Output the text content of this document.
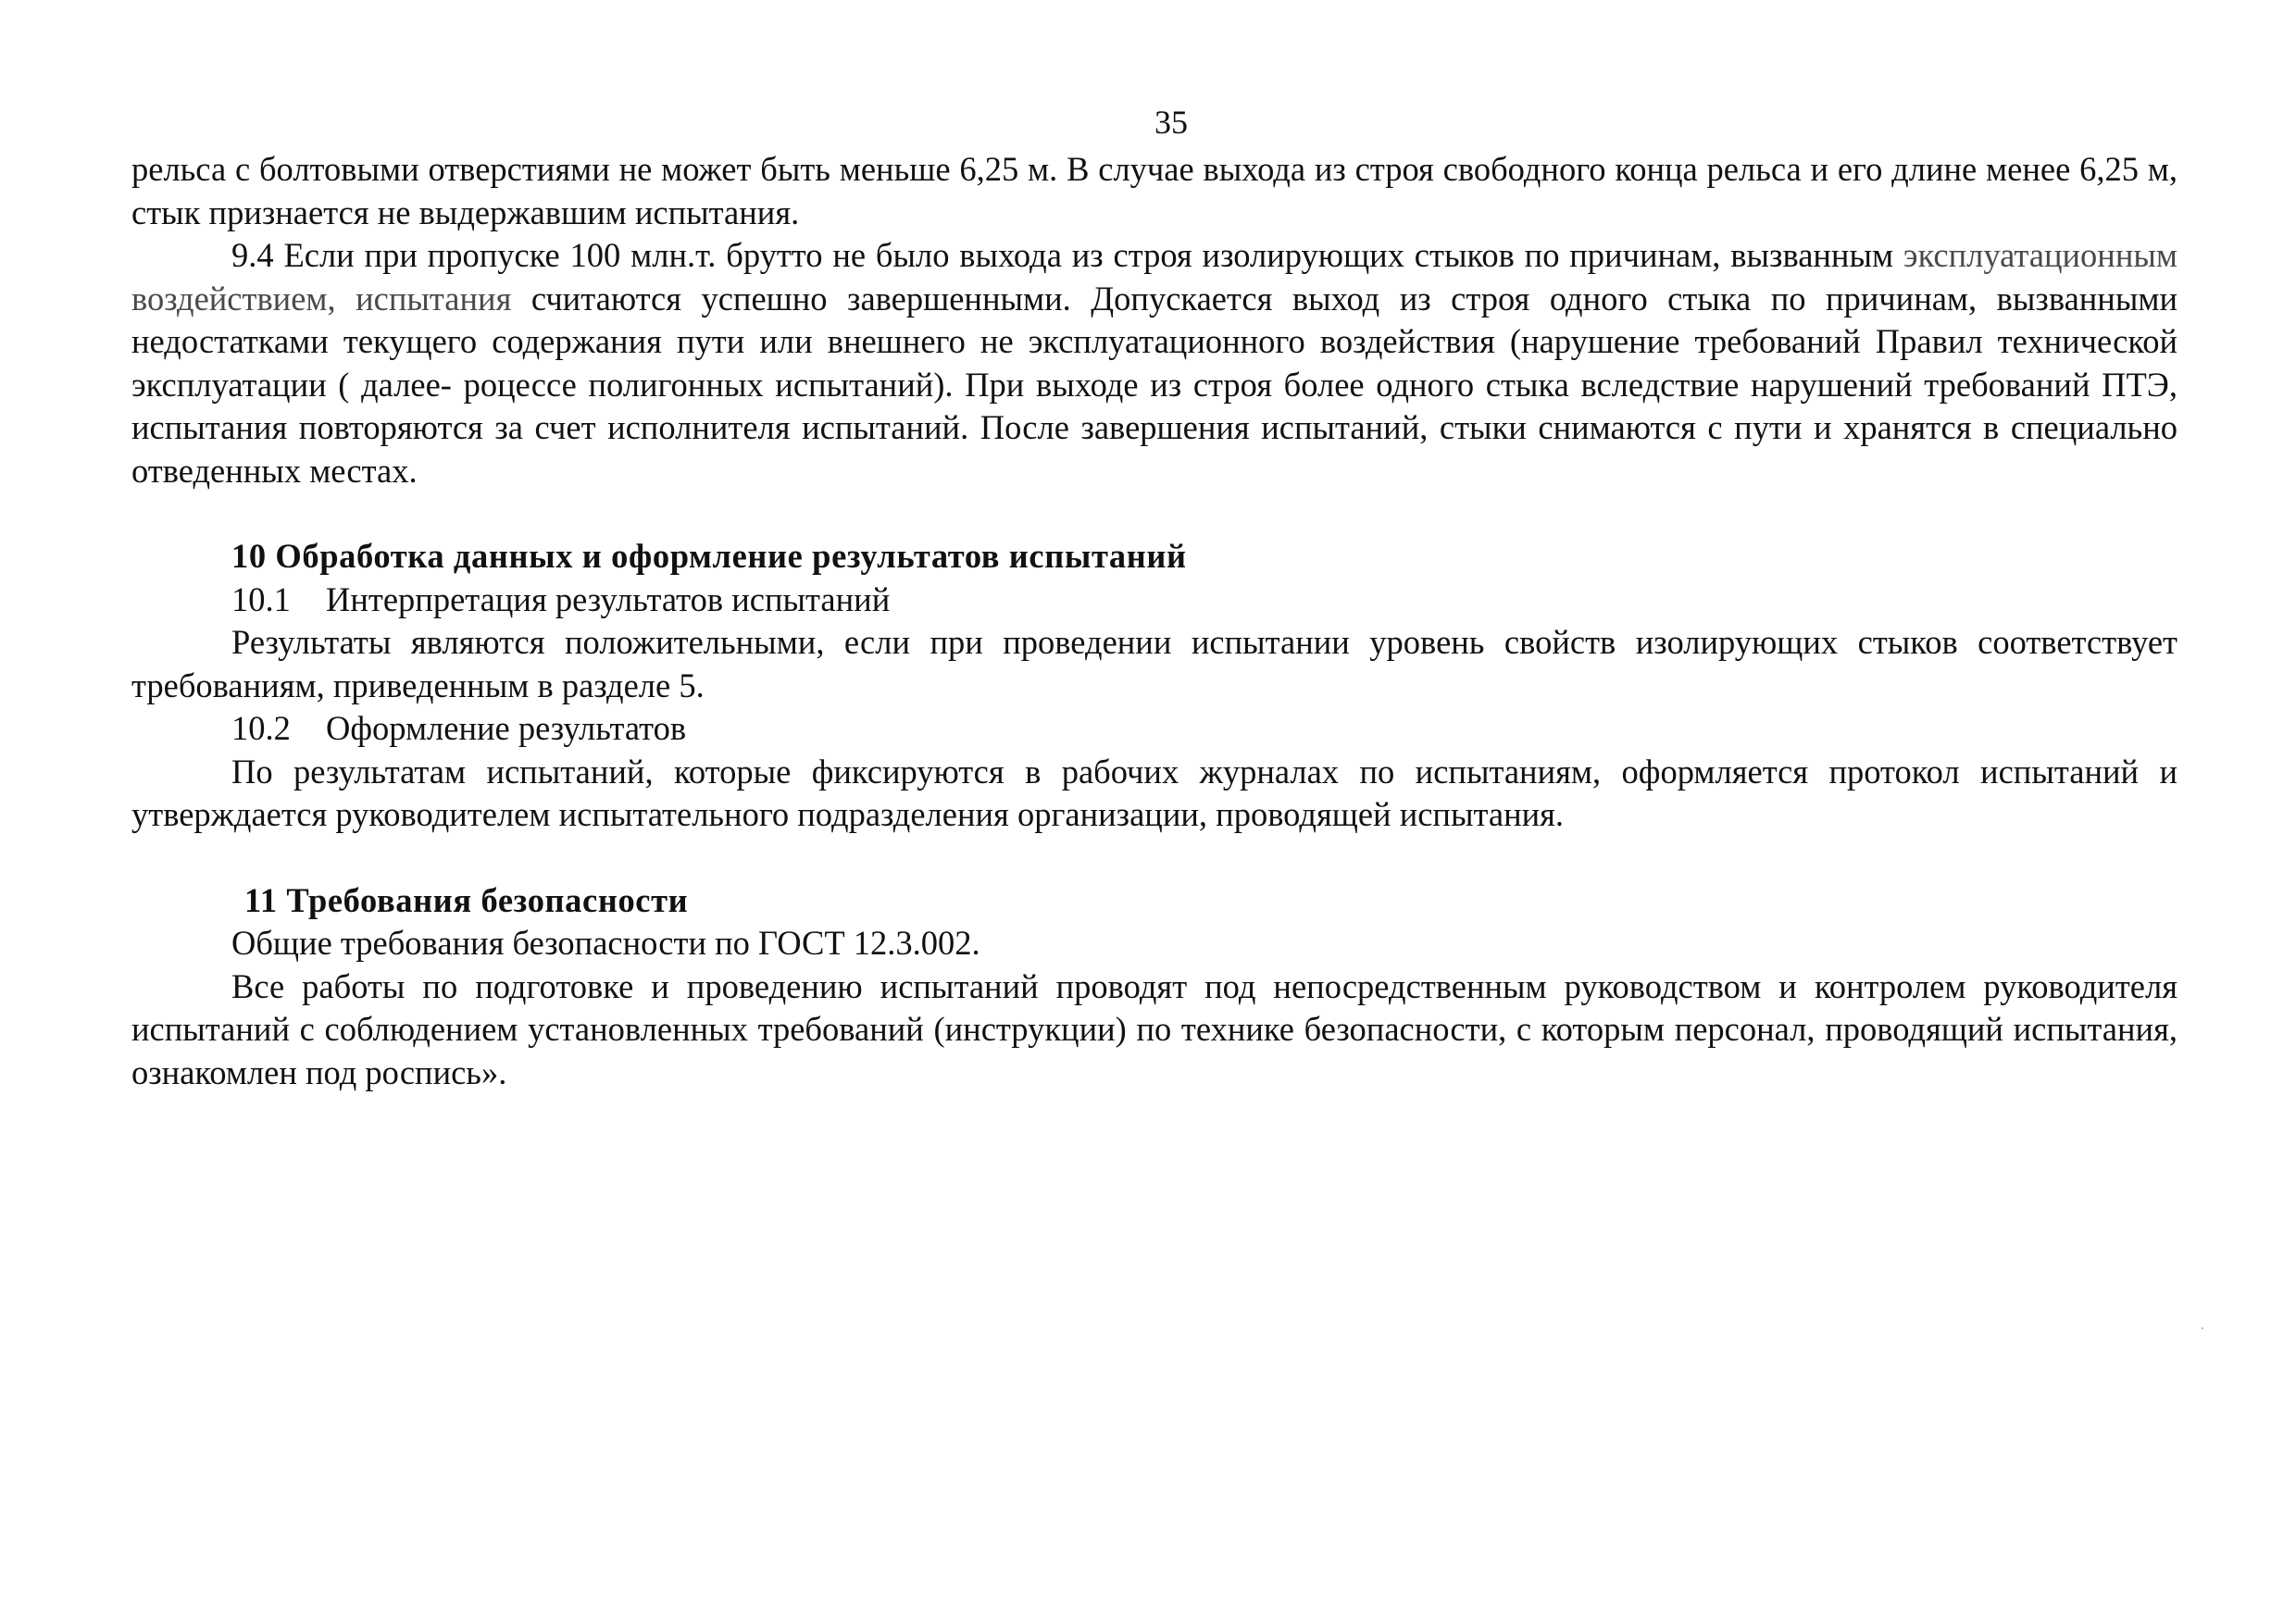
35

рельса с болтовыми отверстиями не может быть меньше 6,25 м. В случае выхода из строя свободного конца рельса и его длине менее 6,25 м, стык признается не выдержавшим испытания.

9.4 Если при пропуске 100 млн.т. брутто не было выхода из строя изолирующих стыков по причинам, вызванным эксплуатационным воздействием, испытания считаются успешно завершенными. Допускается выход из строя одного стыка по причинам, вызванными недостатками текущего содержания пути или внешнего не эксплуатационного воздействия (нарушение требований Правил технической эксплуатации ( далее- роцессе полигонных испытаний). При выходе из строя более одного стыка вследствие нарушений требований ПТЭ, испытания повторяются за счет исполнителя испытаний. После завершения испытаний, стыки снимаются с пути и хранятся в специально отведенных местах.

10 Обработка данных и оформление результатов испытаний

10.1 Интерпретация результатов испытаний

Результаты являются положительными, если при проведении испытании уровень свойств изолирующих стыков соответствует требованиям, приведенным в разделе 5.

10.2 Оформление результатов

По результатам испытаний, которые фиксируются в рабочих журналах по испытаниям, оформляется протокол испытаний и утверждается руководителем испытательного подразделения организации, проводящей испытания.

11 Требования безопасности

Общие требования безопасности по ГОСТ 12.3.002.

Все работы по подготовке и проведению испытаний проводят под непосредственным руководством и контролем руководителя испытаний с соблюдением установленных требований (инструкции) по технике безопасности, с которым персонал, проводящий испытания, ознакомлен под роспись».
